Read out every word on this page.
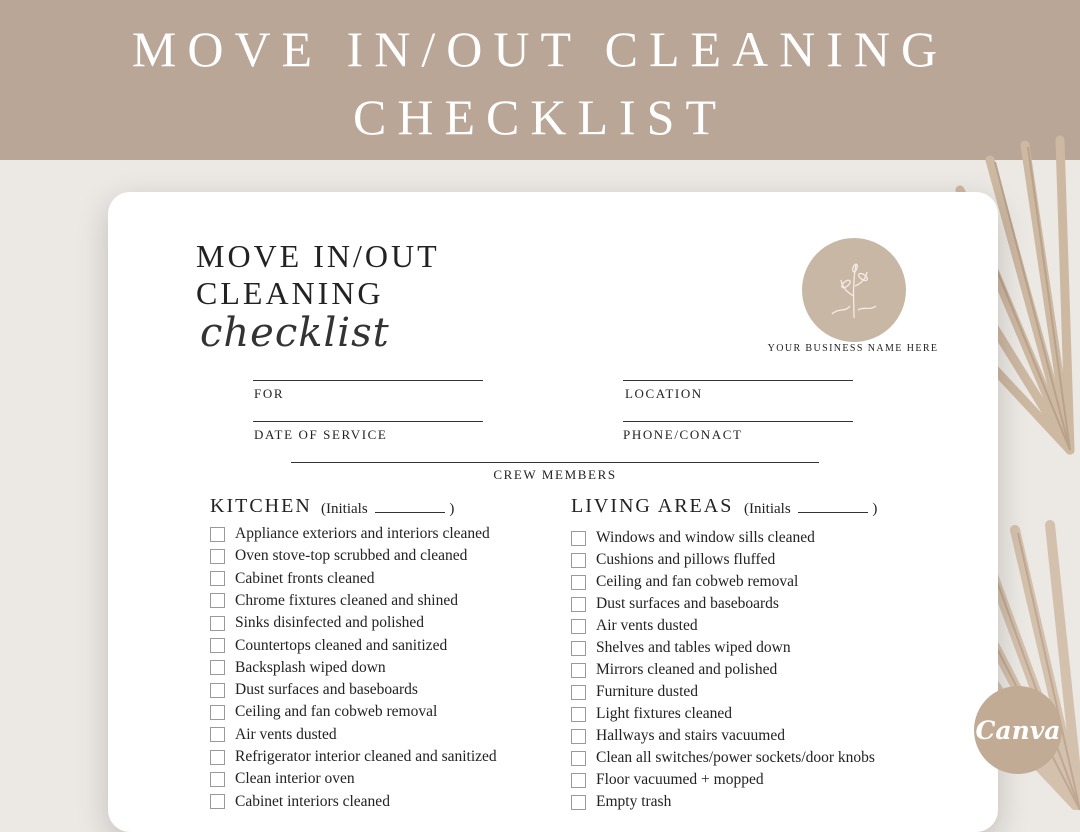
MOVE IN/OUT CLEANING
CHECKLIST
MOVE IN/OUT
CLEANING
checklist	YOUR BUSINESS NAME HERE
FOR	LOCATION
DATE OF SERVICE	PHONE/CONACT
CREW MEMBERS
KITCHEN (Initials	)
Appliance exteriors and interiors cleaned
Oven stove-top scrubbed and cleaned
Cabinet fronts cleaned
Chrome fixtures cleaned and shined
Sinks disinfected and polished
Countertops cleaned and sanitized
Backsplash wiped down
Dust surfaces and baseboards
Ceiling and fan cobweb removal
Air vents dusted
Refrigerator interior cleaned and sanitized
Clean interior oven
Cabinet interiors cleaned
LIVING AREAS (Initials	)
Windows and window sills cleaned
Cushions and pillows fluffed
Ceiling and fan cobweb removal
Dust surfaces and baseboards
Air vents dusted
Shelves and tables wiped down
Mirrors cleaned and polished
Furniture dusted
Light fixtures cleaned
Hallways and stairs vacuumed
Clean all switches/power sockets/door knobs
Floor vacuumed + mopped
Empty trash
Canva
